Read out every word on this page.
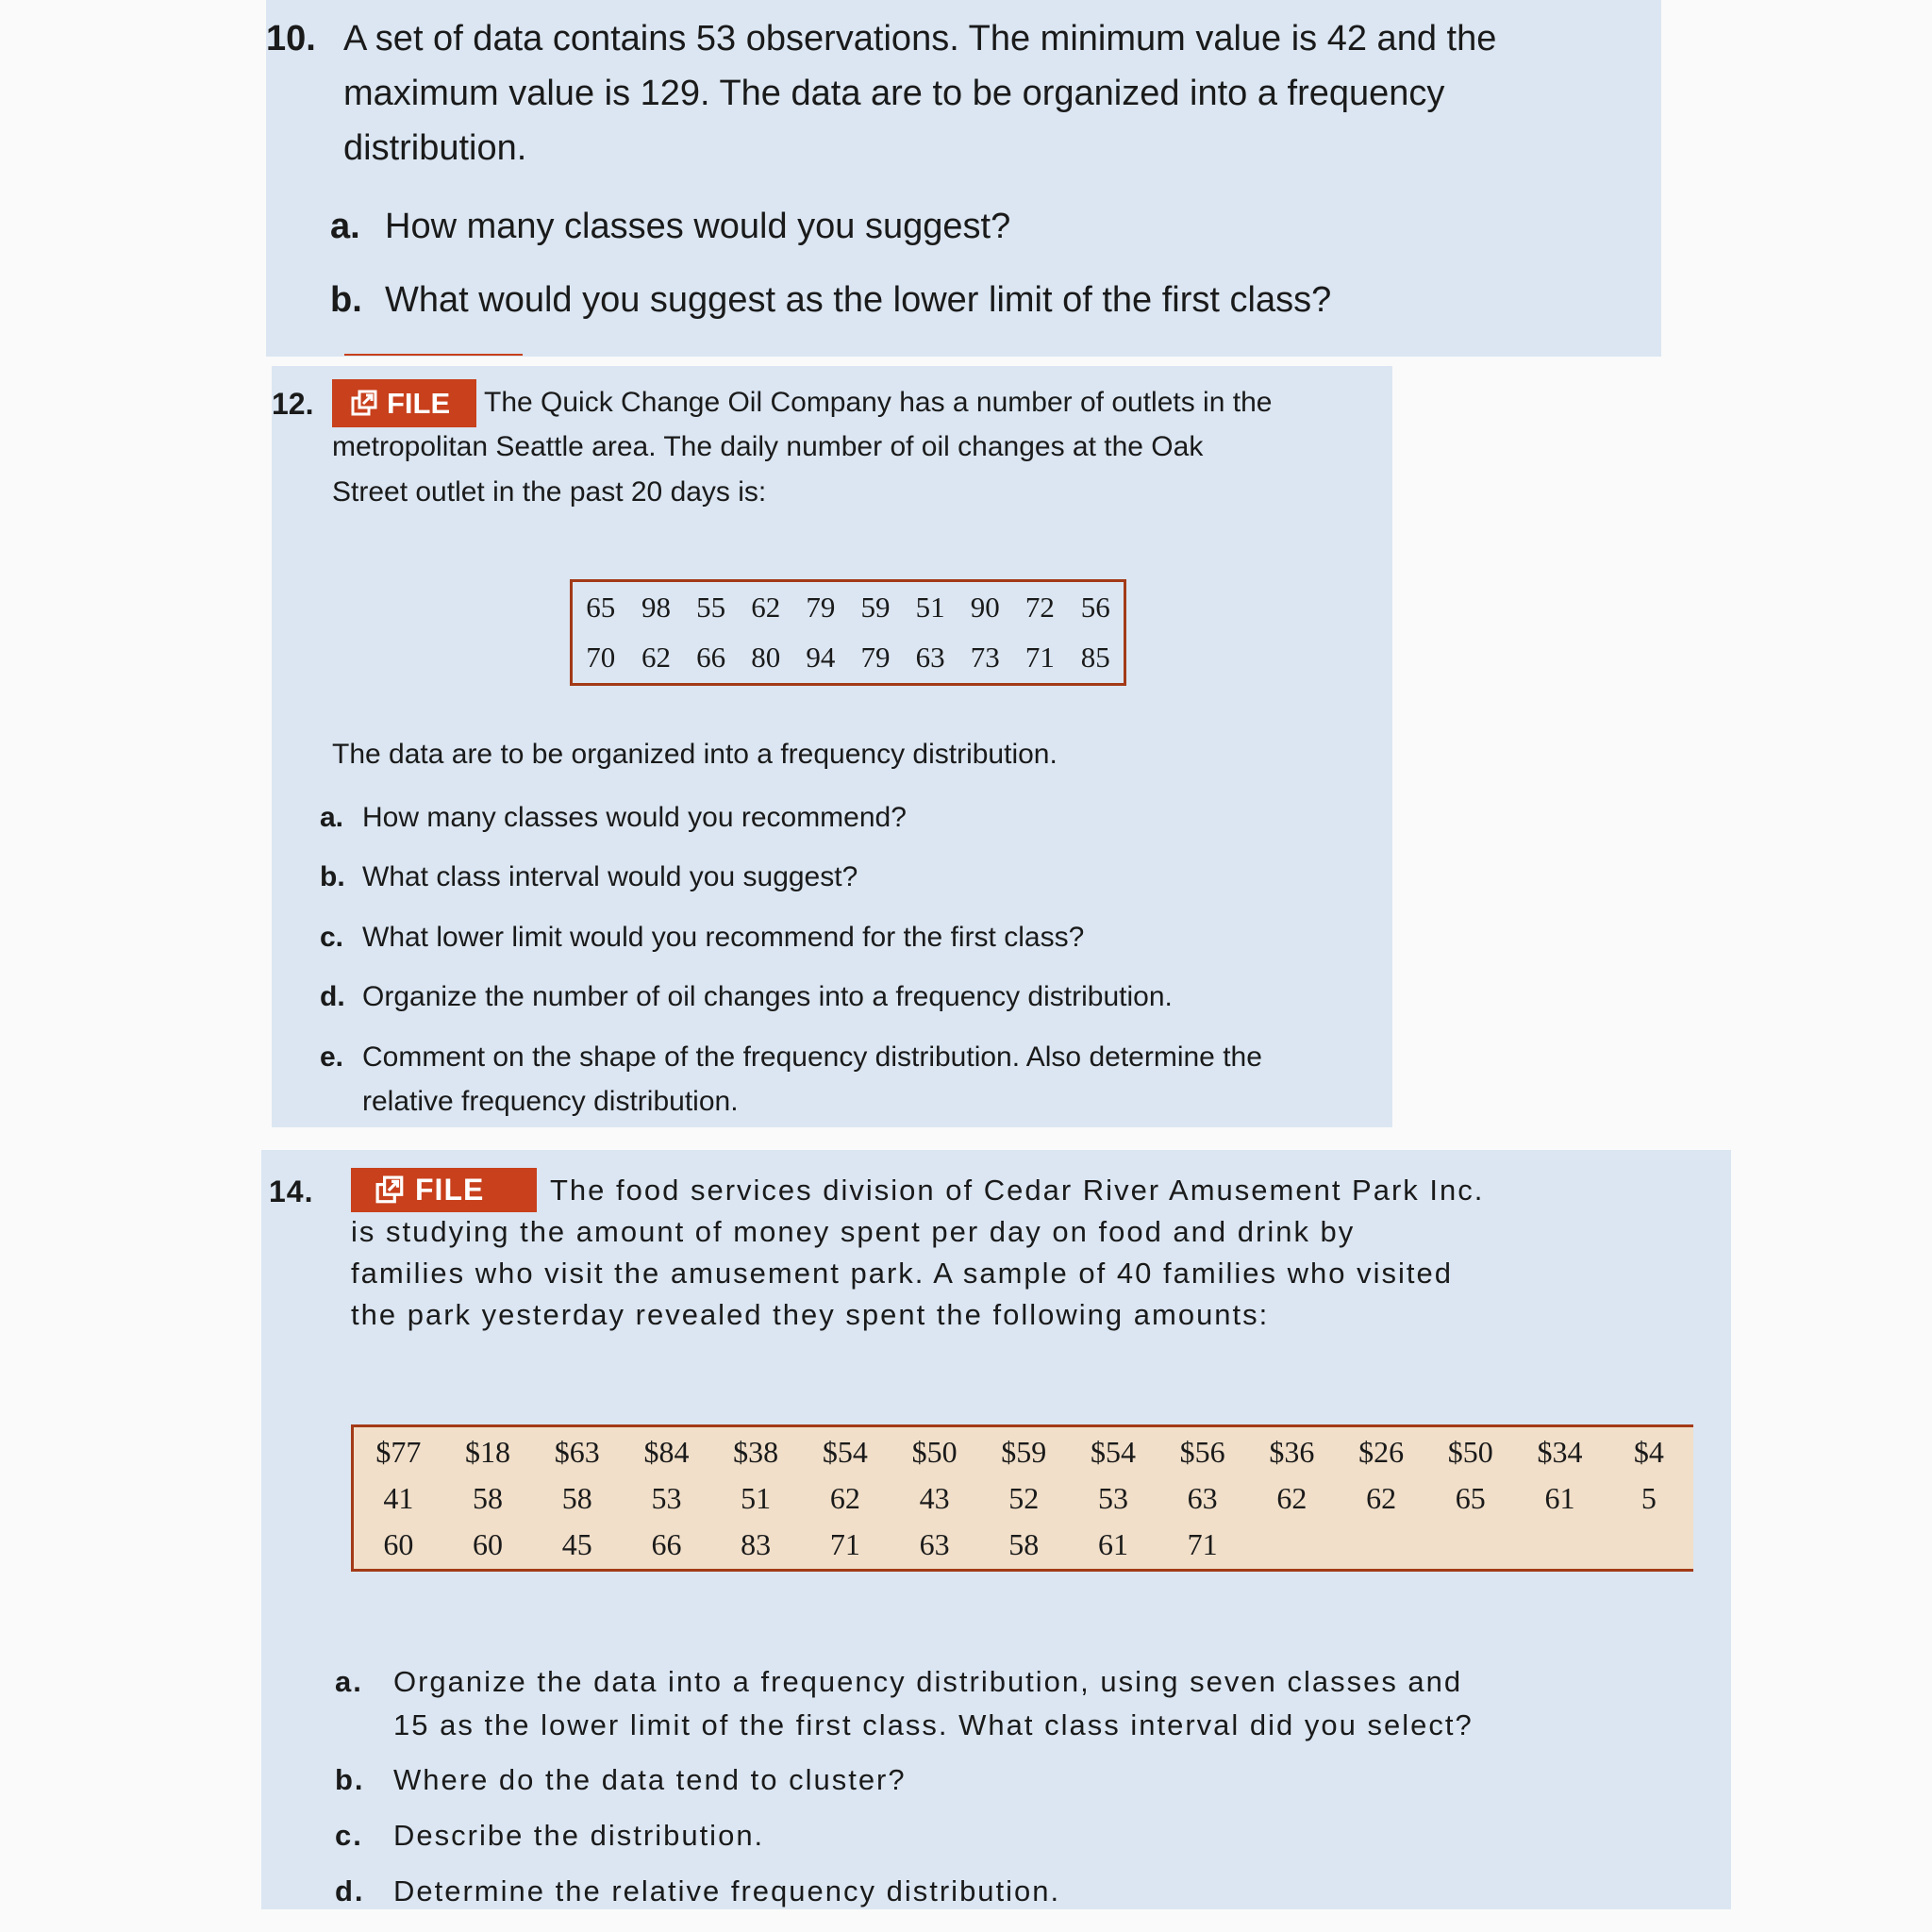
10. A set of data contains 53 observations. The minimum value is 42 and the
maximum value is 129. The data are to be organized into a frequency
distribution.
a. How many classes would you suggest?
b. What would you suggest as the lower limit of the first class?
12.	FILE The Quick Change Oil Company has a number of outlets in the
metropolitan Seattle area. The daily number of oil changes at the Oak
Street outlet in the past 20 days is:
65	98	55	62	79	59	51	90	72	56
70	62	66	80	94	79	63	73	71	85
The data are to be organized into a frequency distribution.
a. How many classes would you recommend?
b. What class interval would you suggest?
c. What lower limit would you recommend for the first class?
d. Organize the number of oil changes into a frequency distribution.
e. Comment on the shape of the frequency distribution. Also determine the
relative frequency distribution.
14.	FILE The food services division of Cedar River Amusement Park Inc.
is studying the amount of money spent per day on food and drink by
families who visit the amusement park. A sample of 40 families who visited
the park yesterday revealed they spent the following amounts:
$77	$18	$63	$84	$38	$54	$50	$59	$54	$56	$36	$26	$50	$34	$4
41	58	58	53	51	62	43	52	53	63	62	62	65	61	5
60	60	45	66	83	71	63	58	61	71					
a. Organize the data into a frequency distribution, using seven classes and
15 as the lower limit of the first class. What class interval did you select?
b. Where do the data tend to cluster?
c. Describe the distribution.
d. Determine the relative frequency distribution.
